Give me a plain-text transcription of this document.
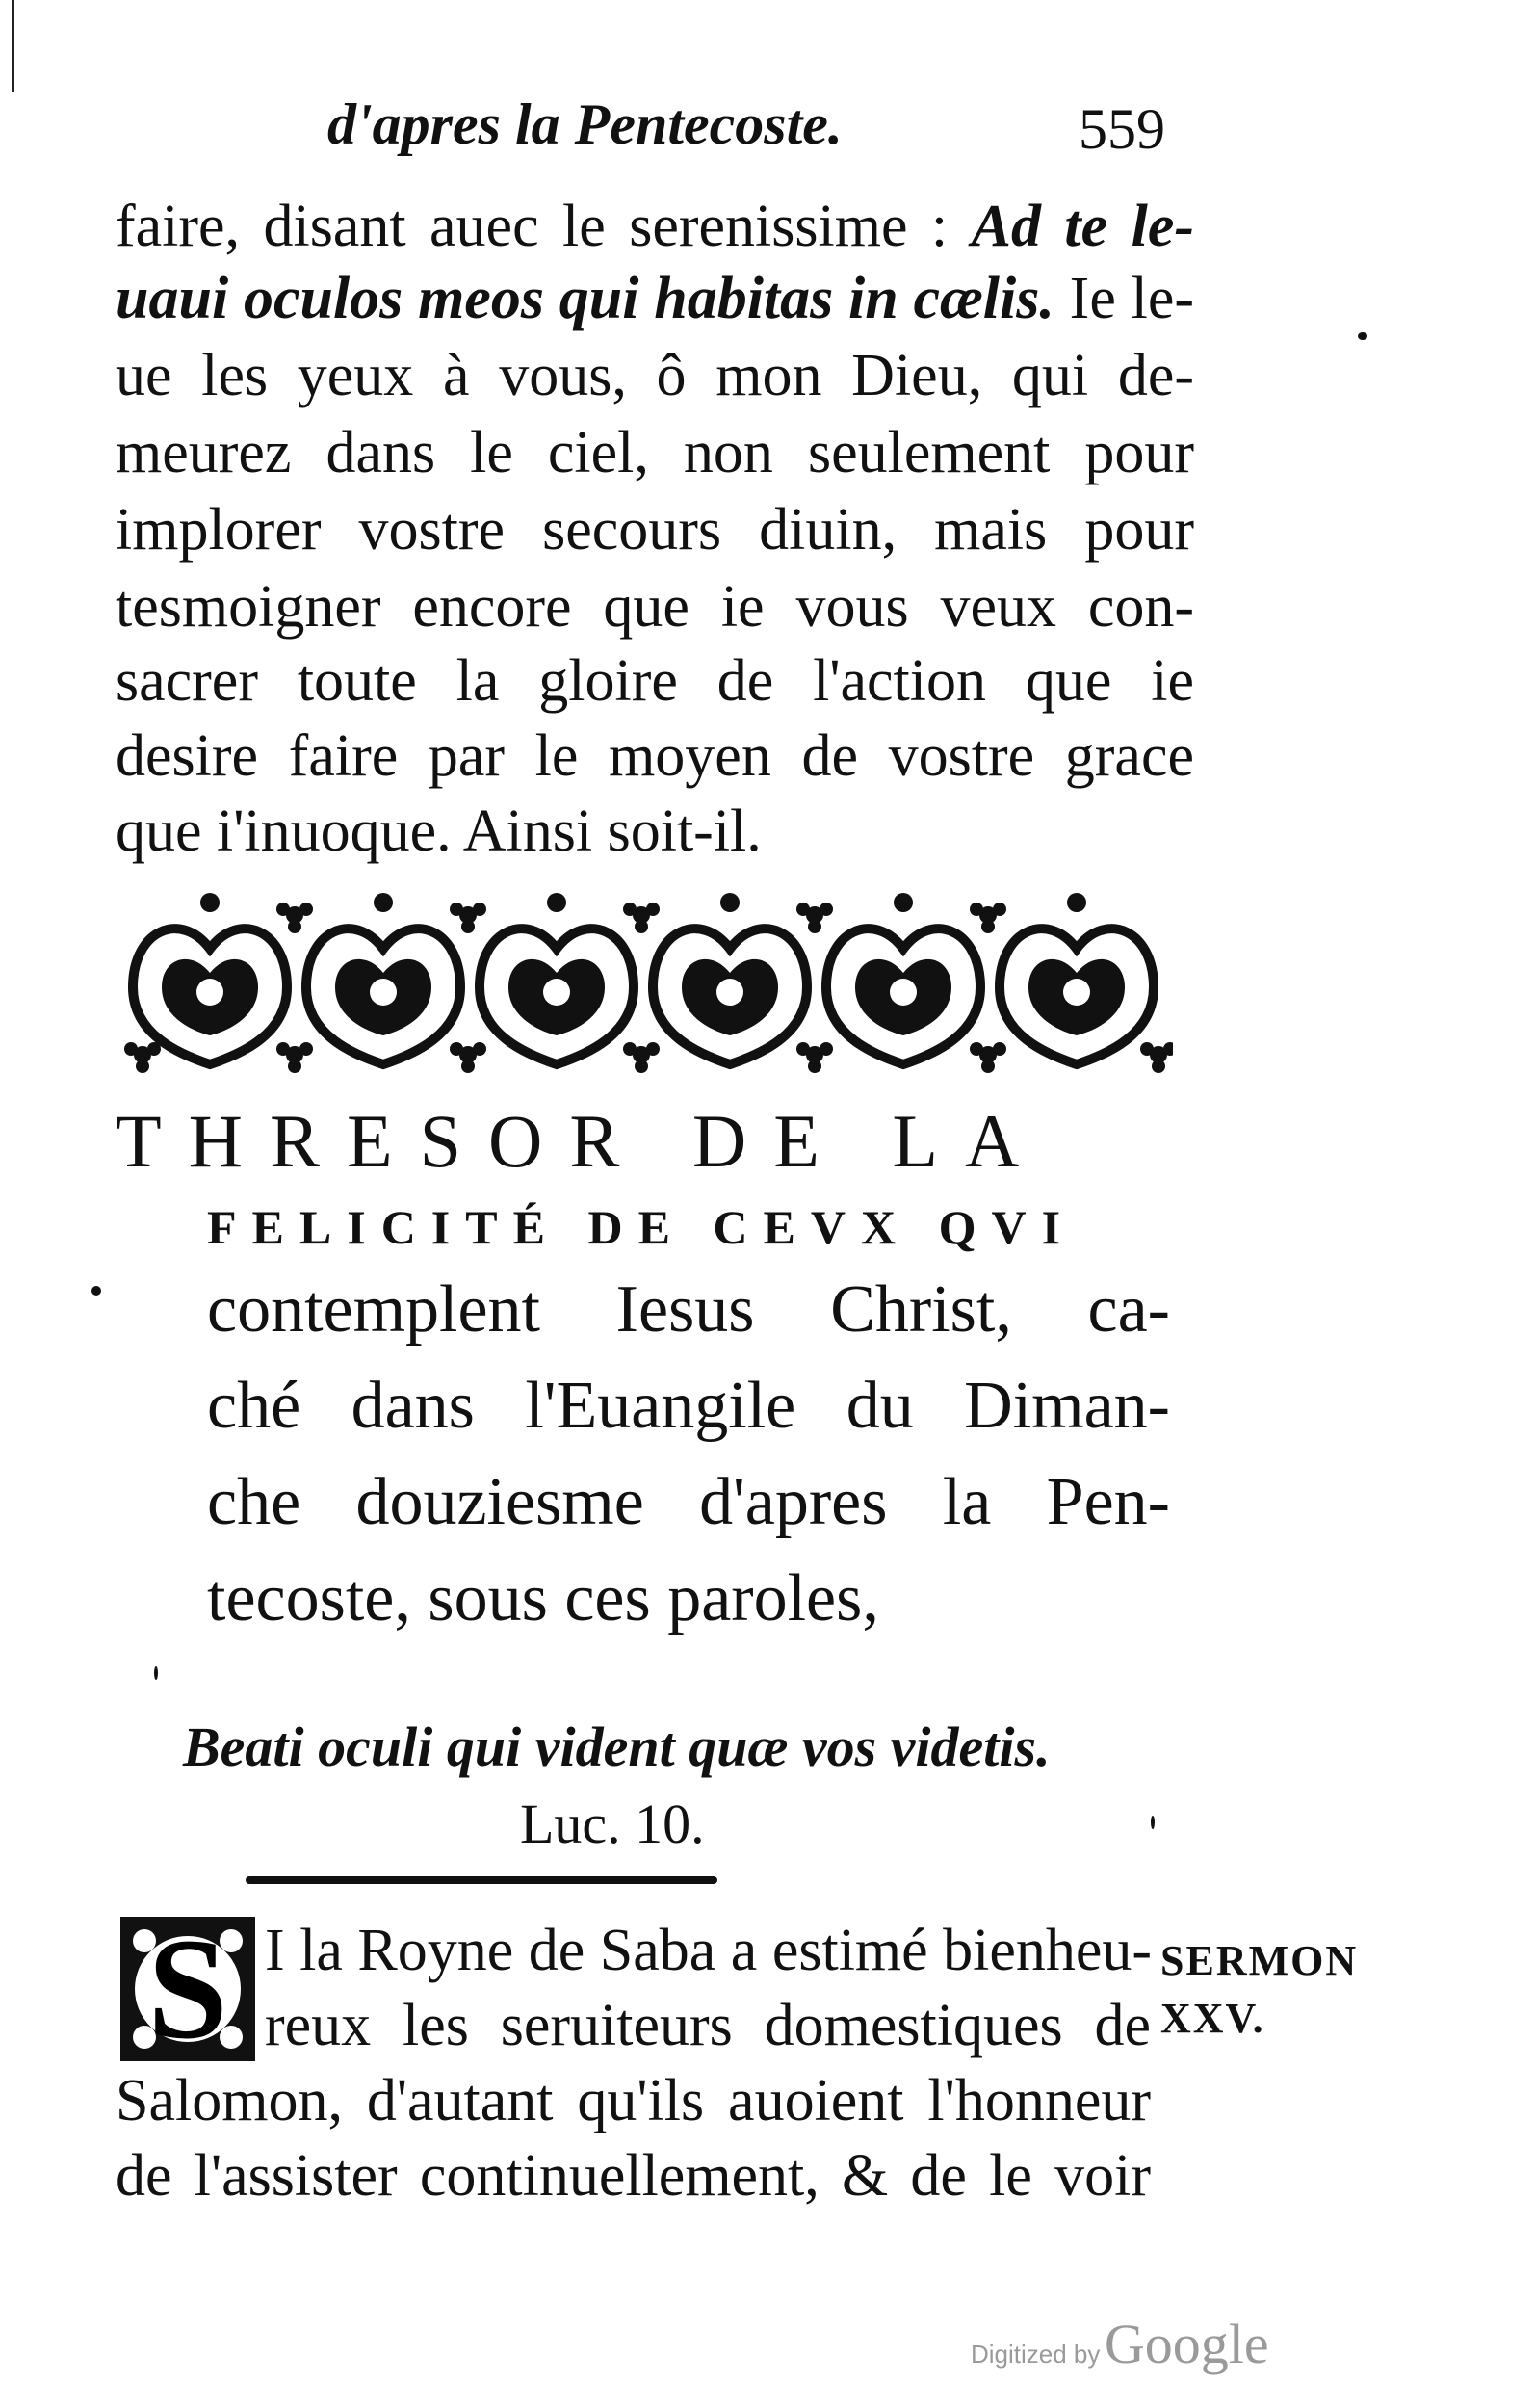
d'apres la Pentecoste.	559
faire, disant auec le serenissime : Ad te le-
uaui oculos meos qui habitas in cælis. Ie le-
ue les yeux à vous, ô mon Dieu, qui de-
meurez dans le ciel, non seulement pour
implorer vostre secours diuin, mais pour
tesmoigner encore que ie vous veux con-
sacrer toute la gloire de l'action que ie
desire faire par le moyen de vostre grace
que i'inuoque. Ainsi soit-il.
THRESOR DE LA
FELICITÉ DE CEVX QVI
contemplent Iesus Christ, ca-
ché dans l'Euangile du Diman-
che douziesme d'apres la Pen-
tecoste, sous ces paroles,
Beati oculi qui vident quæ vos videtis.
Luc. 10.
S I la Royne de Saba a estimé bienheu-
reux les seruiteurs domestiques de
Salomon, d'autant qu'ils auoient l'honneur
de l'assister continuellement, & de le voir
SERMON
XXV.
Digitized by Google
